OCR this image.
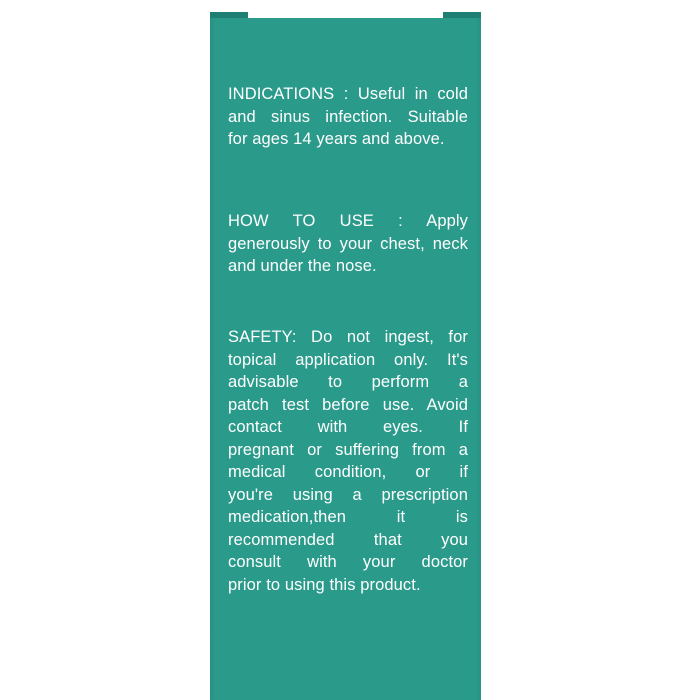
INDICATIONS : Useful in cold
and sinus infection. Suitable
for ages 14 years and above.
HOW TO USE : Apply
generously to your chest, neck
and under the nose.
SAFETY: Do not ingest, for
topical application only. It's
advisable to perform a
patch test before use. Avoid
contact with eyes. If
pregnant or suffering from a
medical condition, or if
you're using a prescription
medication,then it is
recommended that you
consult with your doctor
prior to using this product.
